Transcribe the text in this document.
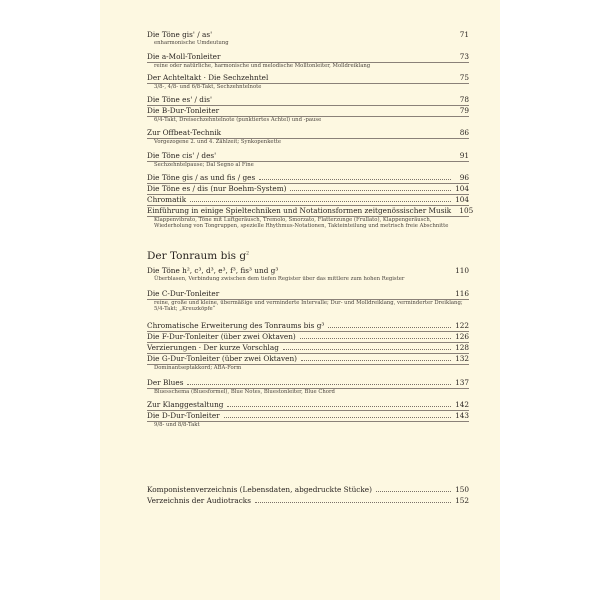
Die Töne gis' / as'	71
enharmonische Umdeutung
Die a-Moll-Tonleiter	73
reine oder natürliche, harmonische und melodische Molltonleiter, Molldreiklang
Der Achteltakt · Die Sechzehntel	75
3/8-, 4/8- und 6/8-Takt, Sechzehntelnote
Die Töne es' / dis'	78
Die B-Dur-Tonleiter	79
6/4-Takt, Dreisechzehntelnote (punktiertes Achtel) und -pause
Zur Offbeat-Technik	86
Vorgezogene 2. und 4. Zählzeit; Synkopenkette
Die Töne cis' / des'	91
Sechzehntelpause; Dal Segno al Fine
Die Töne gis / as und fis / ges	96
Die Töne es / dis (nur Boehm-System)	104
Chromatik	104
Einführung in einige Spieltechniken und Notationsformen zeitgenössischer Musik 105
Klappenvibrato, Töne mit Luftgeräusch, Tremolo, Smorzato, Flatterzunge (Frullato), Klappengeräusch, Wiederholung von Tongruppen, spezielle Rhythmus-Notationen, Takteinteilung und metrisch freie Abschnitte
Der Tonraum bis $g^2$
Die Töne h², c³, d³, e³, f³, fis³ und g³	110
Überblasen, Verbindung zwischen dem tiefen Register über das mittlere zum hohen Register
Die C-Dur-Tonleiter	116
reine, große und kleine, übermäßige und verminderte Intervalle; Dur- und Molldreiklang, verminderter Dreiklang; 5/4-Takt; „Kreuzköpfe“
Chromatische Erweiterung des Tonraums bis g³	122
Die F-Dur-Tonleiter (über zwei Oktaven)	126
Verzierungen · Der kurze Vorschlag	128
Die G-Dur-Tonleiter (über zwei Oktaven)	132
Dominantseptakkord; ABA-Form
Der Blues	137
Bluesschema (Bluesformel), Blue Notes, Bluestonleiter, Blue Chord
Zur Klanggestaltung	142
Die D-Dur-Tonleiter	143
9/8- und 8/8-Takt
Komponistenverzeichnis (Lebensdaten, abgedruckte Stücke)	150
Verzeichnis der Audiotracks	152
